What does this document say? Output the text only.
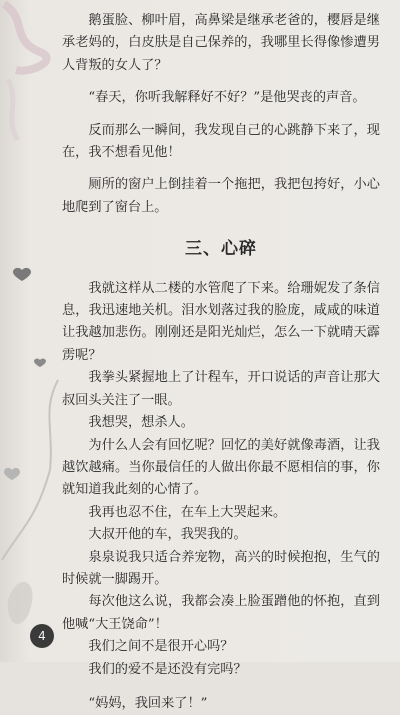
鹅蛋脸、柳叶眉，高鼻梁是继承老爸的，樱唇是继承老妈的，白皮肤是自己保养的，我哪里长得像惨遭男人背叛的女人了？

“春天，你听我解释好不好？”是他哭丧的声音。

反而那么一瞬间，我发现自己的心跳静下来了，现在，我不想看见他！

厕所的窗户上倒挂着一个拖把，我把包挎好，小心地爬到了窗台上。

三、心碎

我就这样从二楼的水管爬了下来。给珊妮发了条信息，我迅速地关机。泪水划落过我的脸庞，咸咸的味道让我越加悲伤。刚刚还是阳光灿烂，怎么一下就晴天霹雳呢？

我拳头紧握地上了计程车，开口说话的声音让那大叔回头关注了一眼。

我想哭，想杀人。

为什么人会有回忆呢？回忆的美好就像毒酒，让我越饮越痛。当你最信任的人做出你最不愿相信的事，你就知道我此刻的心情了。

我再也忍不住，在车上大哭起来。

大叔开他的车，我哭我的。

泉泉说我只适合养宠物，高兴的时候抱抱，生气的时候就一脚踢开。

每次他这么说，我都会凑上脸蛋蹭他的怀抱，直到他喊“大王饶命”！

我们之间不是很开心吗？

我们的爱不是还没有完吗？

“妈妈，我回来了！”

4
